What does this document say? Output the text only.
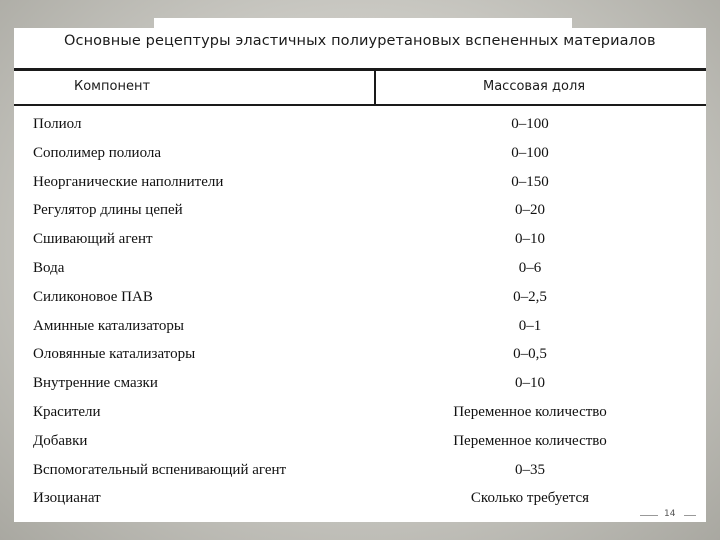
Основные рецептуры эластичных полиуретановых вспененных материалов
Компонент	Массовая доля
Полиол	0–100
Сополимер полиола	0–100
Неорганические наполнители	0–150
Регулятор длины цепей	0–20
Сшивающий агент	0–10
Вода	0–6
Силиконовое ПАВ	0–2,5
Аминные катализаторы	0–1
Оловянные катализаторы	0–0,5
Внутренние смазки	0–10
Красители	Переменное количество
Добавки	Переменное количество
Вспомогательный вспенивающий агент	0–35
Изоцианат	Сколько требуется
14
